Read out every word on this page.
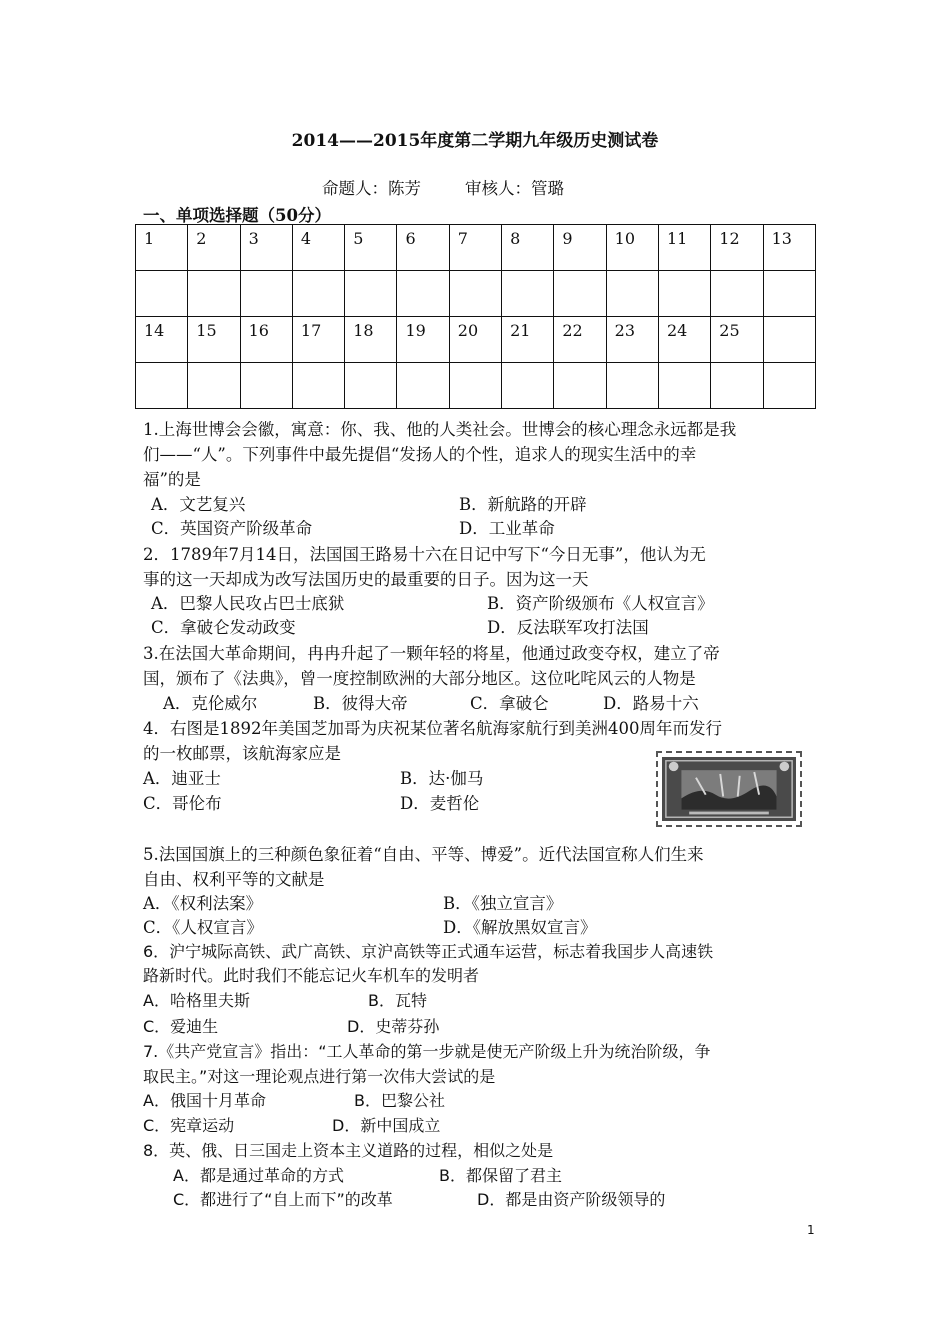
2014——2015年度第二学期九年级历史测试卷
命题人：陈芳	审核人：管璐
一、单项选择题（50分）
1	2	3	4	5	6	7	8	9	10	11	12	13

14	15	16	17	18	19	20	21	22	23	24	25	

1.上海世博会会徽，寓意：你、我、他的人类社会。世博会的核心理念永远都是我
们——“人”。下列事件中最先提倡“发扬人的个性，追求人的现实生活中的幸
福”的是
A．文艺复兴	B．新航路的开辟
C．英国资产阶级革命	D．工业革命
2．1789年7月14日，法国国王路易十六在日记中写下“今日无事”，他认为无
事的这一天却成为改写法国历史的最重要的日子。因为这一天
A．巴黎人民攻占巴士底狱	B．资产阶级颁布《人权宣言》
C．拿破仑发动政变	D．反法联军攻打法国
3.在法国大革命期间，冉冉升起了一颗年轻的将星，他通过政变夺权，建立了帝
国，颁布了《法典》，曾一度控制欧洲的大部分地区。这位叱咤风云的人物是
A．克伦威尔	B．彼得大帝	C．拿破仑	D．路易十六
4．右图是1892年美国芝加哥为庆祝某位著名航海家航行到美洲400周年而发行
的一枚邮票，该航海家应是
A．迪亚士	B．达·伽马
C．哥伦布	D．麦哲伦
5.法国国旗上的三种颜色象征着“自由、平等、博爱”。近代法国宣称人们生来
自由、权利平等的文献是
A．《权利法案》	B．《独立宣言》
C．《人权宣言》	D．《解放黑奴宣言》
6．沪宁城际高铁、武广高铁、京沪高铁等正式通车运营，标志着我国步人高速铁
路新时代。此时我们不能忘记火车机车的发明者
A．哈格里夫斯	B．瓦特
C．爱迪生	D．史蒂芬孙
7.《共产党宣言》指出：“工人革命的第一步就是使无产阶级上升为统治阶级，争
取民主。”对这一理论观点进行第一次伟大尝试的是
A．俄国十月革命	B．巴黎公社
C．宪章运动	D．新中国成立
8．英、俄、日三国走上资本主义道路的过程，相似之处是
A．都是通过革命的方式	B．都保留了君主
C．都进行了“自上而下”的改革	D．都是由资产阶级领导的
1
